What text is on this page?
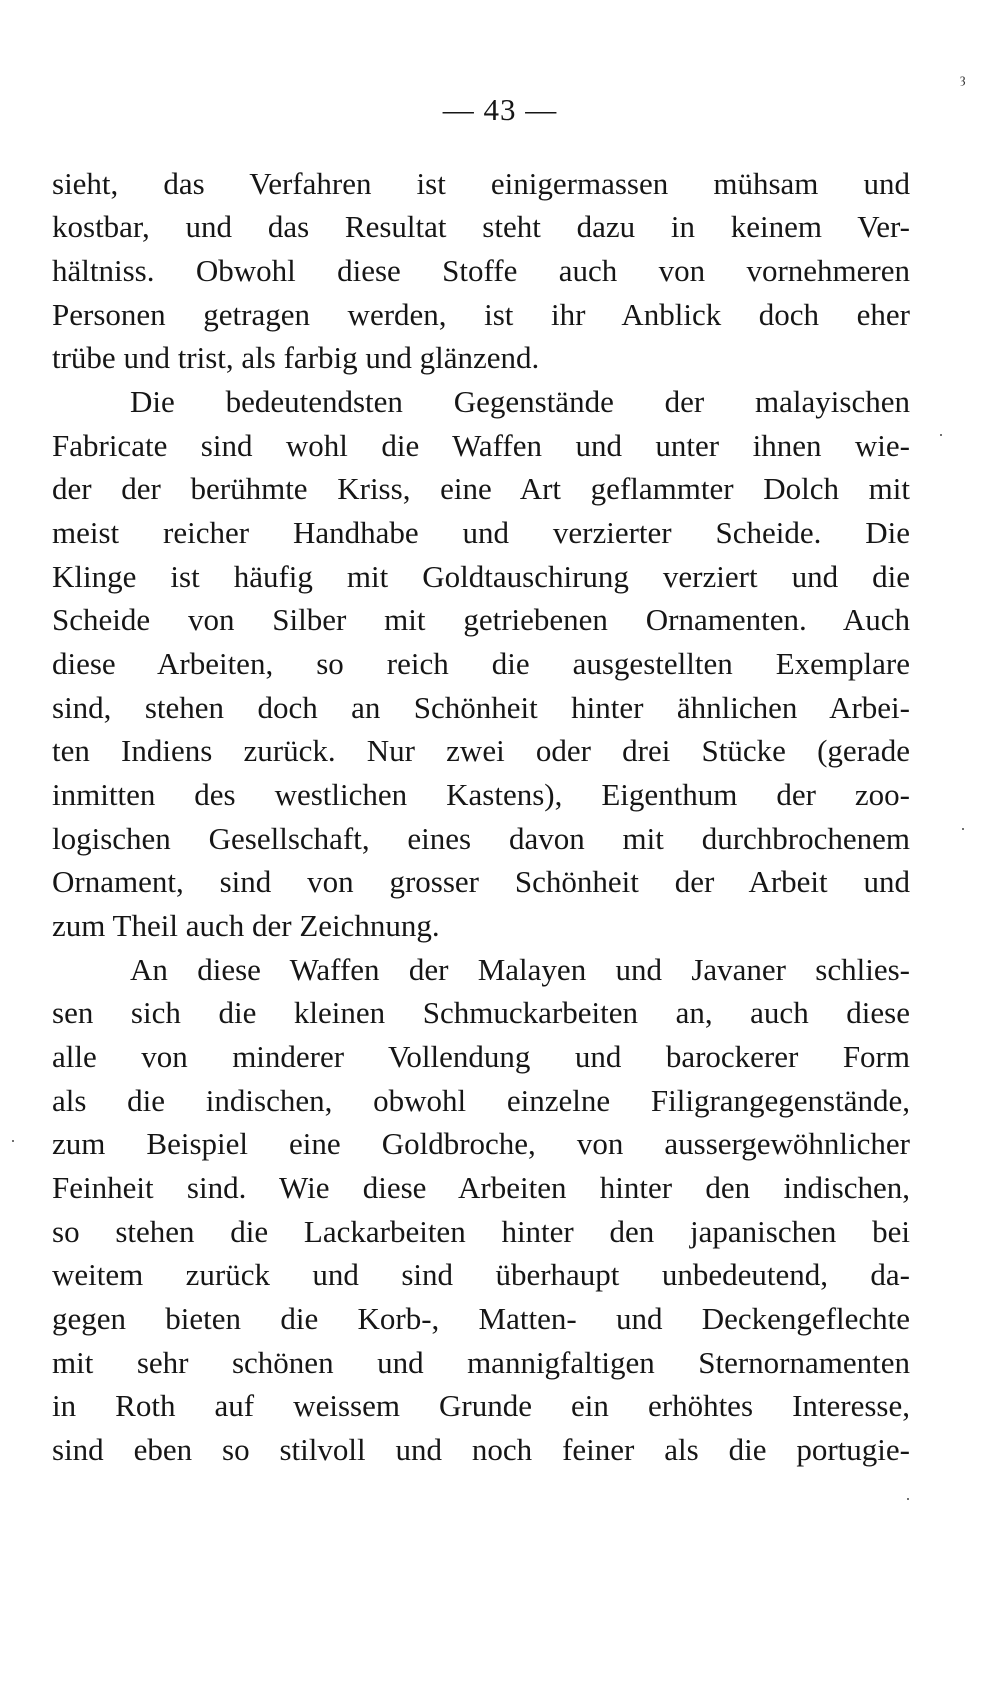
ȝ
— 43 —
sieht, das Verfahren ist einigermassen mühsam und
kostbar, und das Resultat steht dazu in keinem Ver-
hältniss. Obwohl diese Stoffe auch von vornehmeren
Personen getragen werden, ist ihr Anblick doch eher
trübe und trist, als farbig und glänzend.
Die bedeutendsten Gegenstände der malayischen
Fabricate sind wohl die Waffen und unter ihnen wie-
der der berühmte Kriss, eine Art geflammter Dolch mit
meist reicher Handhabe und verzierter Scheide. Die
Klinge ist häufig mit Goldtauschirung verziert und die
Scheide von Silber mit getriebenen Ornamenten. Auch
diese Arbeiten, so reich die ausgestellten Exemplare
sind, stehen doch an Schönheit hinter ähnlichen Arbei-
ten Indiens zurück. Nur zwei oder drei Stücke (gerade
inmitten des westlichen Kastens), Eigenthum der zoo-
logischen Gesellschaft, eines davon mit durchbrochenem
Ornament, sind von grosser Schönheit der Arbeit und
zum Theil auch der Zeichnung.
An diese Waffen der Malayen und Javaner schlies-
sen sich die kleinen Schmuckarbeiten an, auch diese
alle von minderer Vollendung und barockerer Form
als die indischen, obwohl einzelne Filigrangegenstände,
zum Beispiel eine Goldbroche, von aussergewöhnlicher
Feinheit sind. Wie diese Arbeiten hinter den indischen,
so stehen die Lackarbeiten hinter den japanischen bei
weitem zurück und sind überhaupt unbedeutend, da-
gegen bieten die Korb-, Matten- und Deckengeflechte
mit sehr schönen und mannigfaltigen Sternornamenten
in Roth auf weissem Grunde ein erhöhtes Interesse,
sind eben so stilvoll und noch feiner als die portugie-
